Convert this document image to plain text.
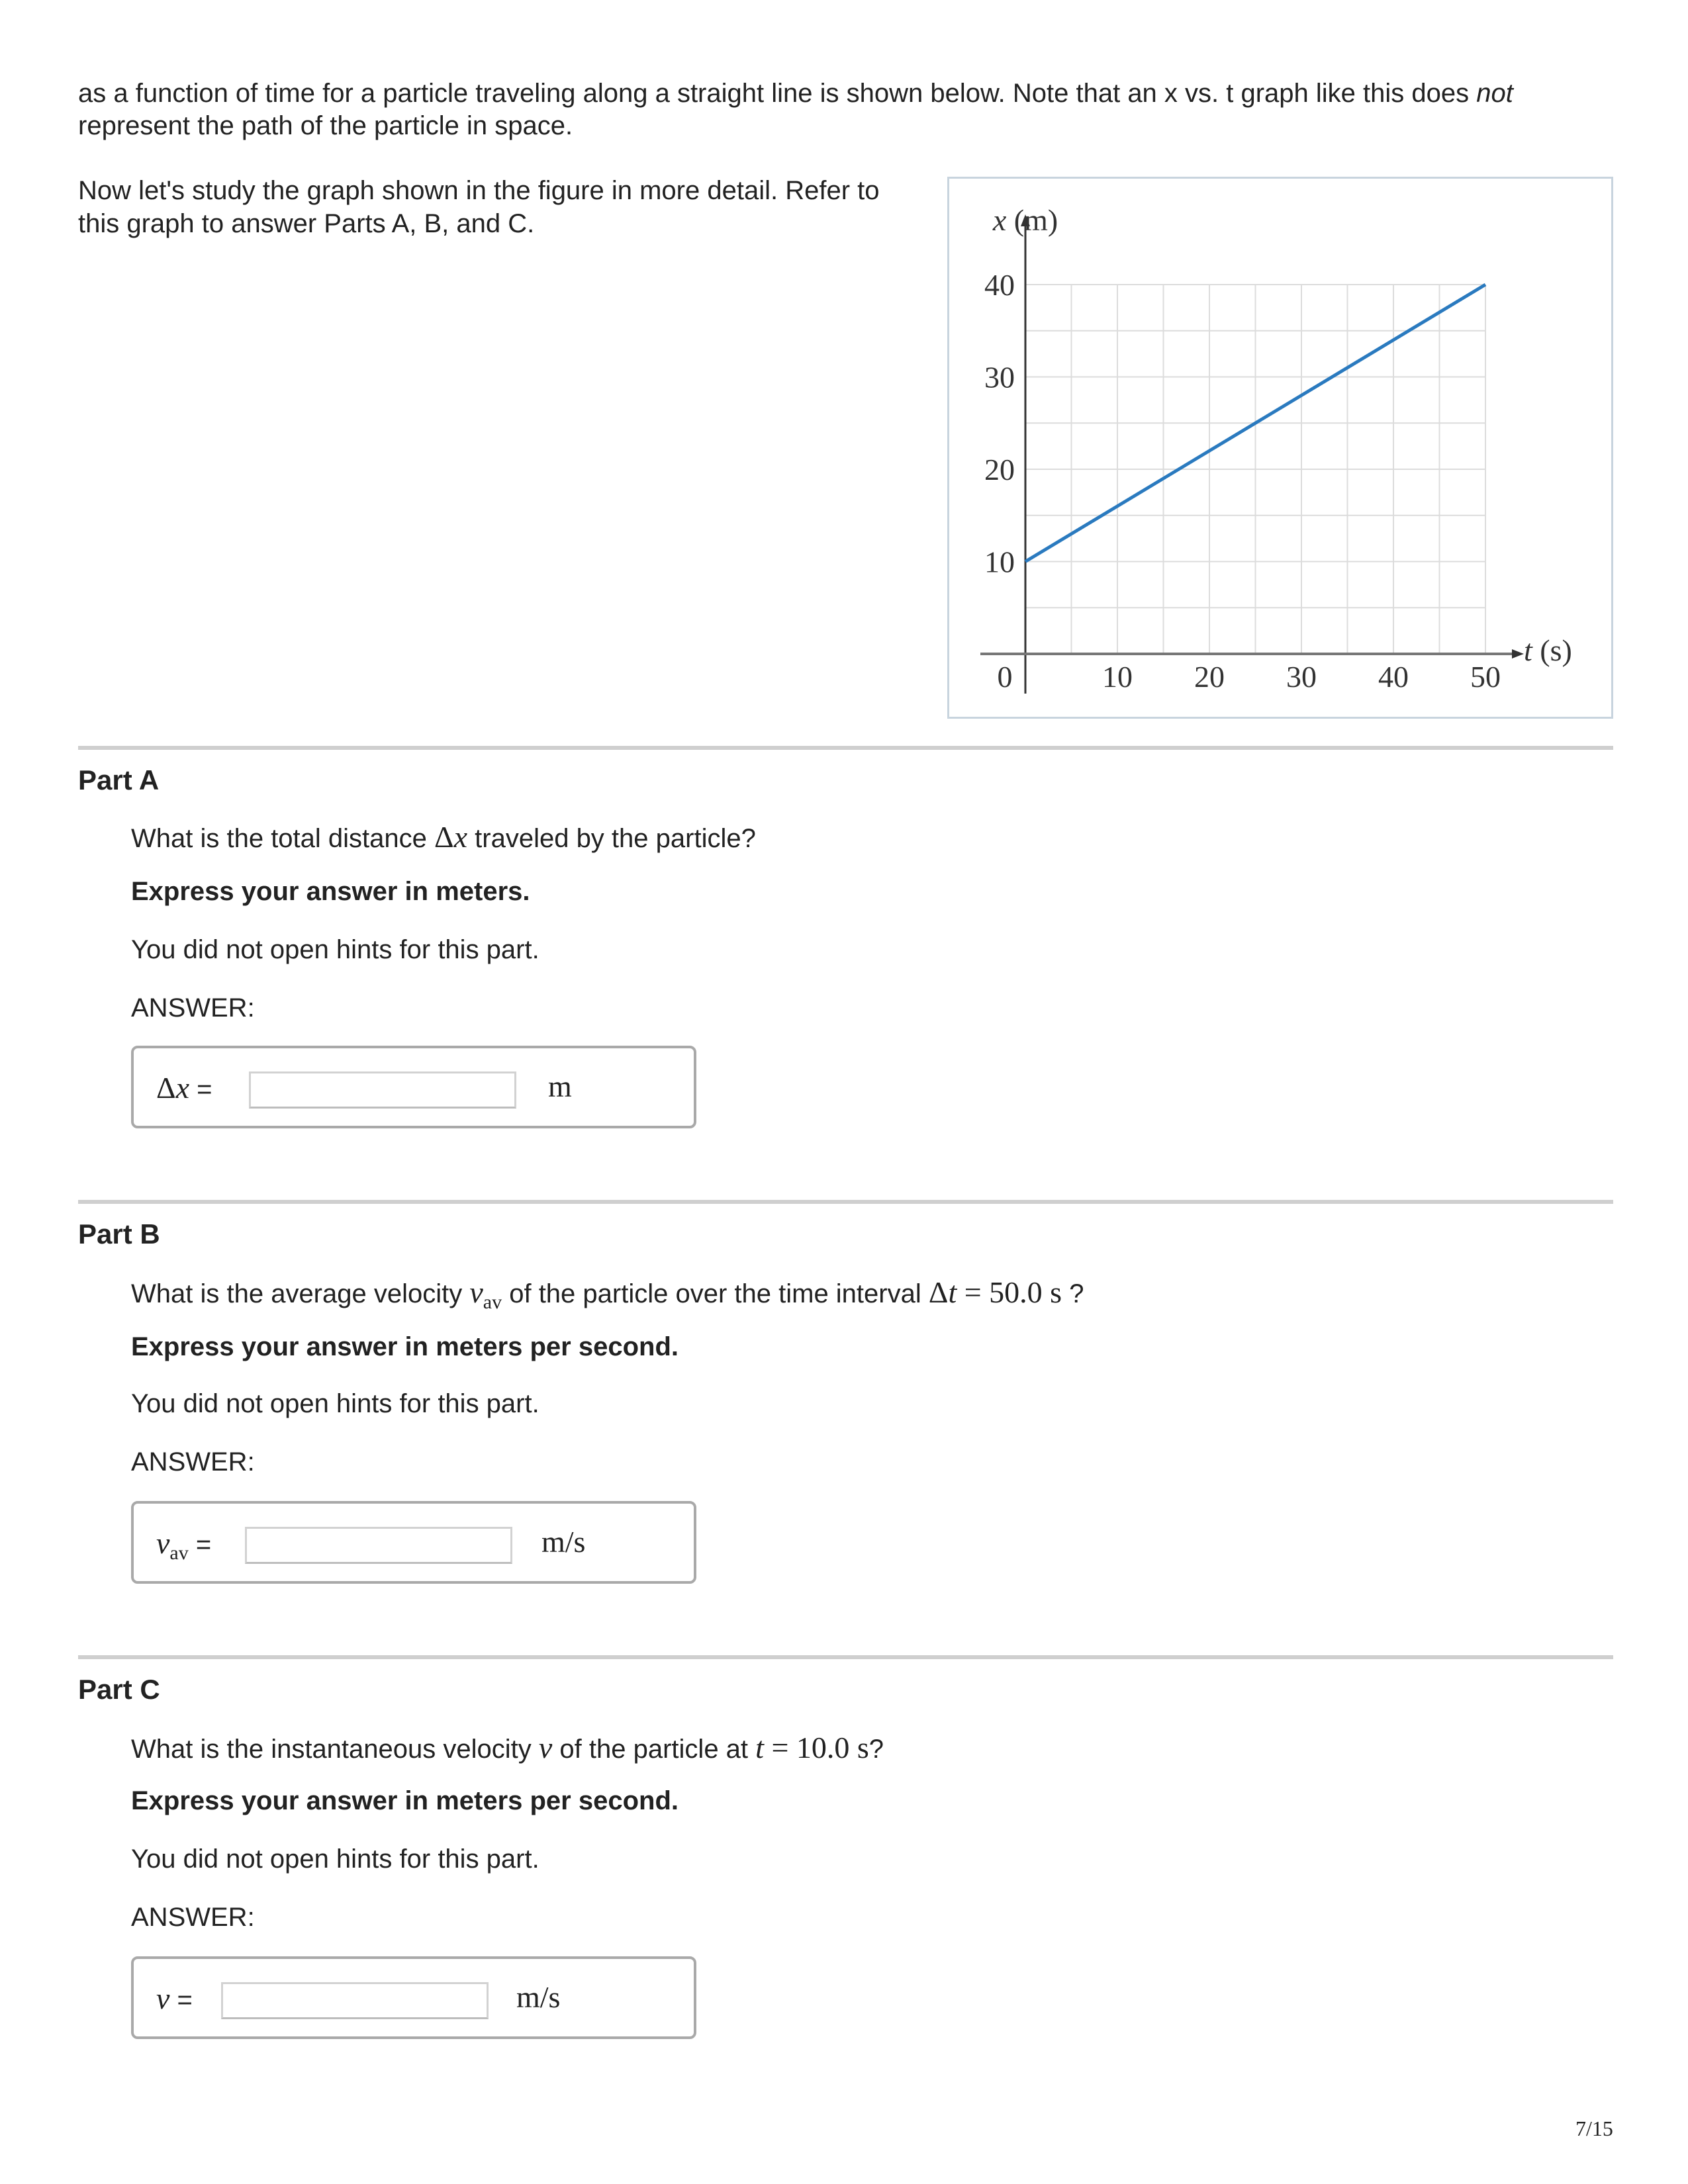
as a function of time for a particle traveling along a straight line is shown below. Note that an x vs. t graph like this does not
represent the path of the particle in space.
Now let's study the graph shown in the figure in more detail. Refer to
this graph to answer Parts A, B, and C.
0	10 20 30 40 50
10
20
30
40
x (m)
t (s)
Part A
What is the total distance Δx traveled by the particle?
Express your answer in meters.
You did not open hints for this part.
ANSWER:
Δx =	m
Part B
What is the average velocity $v_{av}$ of the particle over the time interval Δt = 50.0 s ?
Express your answer in meters per second.
You did not open hints for this part.
ANSWER:
$v_{av}$ =	m/s
Part C
What is the instantaneous velocity v of the particle at t = 10.0 s?
Express your answer in meters per second.
You did not open hints for this part.
ANSWER:
v =	m/s
7/15
